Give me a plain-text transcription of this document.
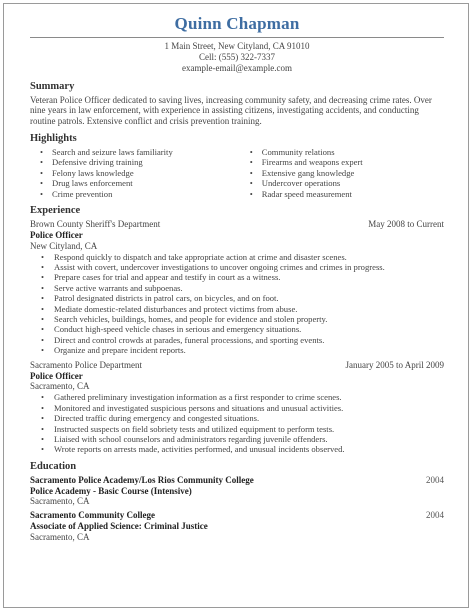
Quinn Chapman
1 Main Street, New Cityland, CA 91010
Cell: (555) 322-7337
example-email@example.com
Summary

Veteran Police Officer dedicated to saving lives, increasing community safety, and decreasing crime rates. Over nine years in law enforcement, with experience in assisting citizens, investigating accidents, and conducting routine patrols. Extensive conflict and crisis prevention training.

Highlights
• Search and seizure laws familiarity
• Defensive driving training
• Felony laws knowledge
• Drug laws enforcement
• Crime prevention
• Community relations
• Firearms and weapons expert
• Extensive gang knowledge
• Undercover operations
• Radar speed measurement
Experience
Brown County Sheriff's Department	May 2008 to Current
Police Officer
New Cityland, CA
• Respond quickly to dispatch and take appropriate action at crime and disaster scenes.
• Assist with covert, undercover investigations to uncover ongoing crimes and crimes in progress.
• Prepare cases for trial and appear and testify in court as a witness.
• Serve active warrants and subpoenas.
• Patrol designated districts in patrol cars, on bicycles, and on foot.
• Mediate domestic-related disturbances and protect victims from abuse.
• Search vehicles, buildings, homes, and people for evidence and stolen property.
• Conduct high-speed vehicle chases in serious and emergency situations.
• Direct and control crowds at parades, funeral processions, and sporting events.
• Organize and prepare incident reports.
Sacramento Police Department	January 2005 to April 2009
Police Officer
Sacramento, CA
• Gathered preliminary investigation information as a first responder to crime scenes.
• Monitored and investigated suspicious persons and situations and unusual activities.
• Directed traffic during emergency and congested situations.
• Instructed suspects on field sobriety tests and utilized equipment to perform tests.
• Liaised with school counselors and administrators regarding juvenile offenders.
• Wrote reports on arrests made, activities performed, and unusual incidents observed.
Education
Sacramento Police Academy/Los Rios Community College	2004
Police Academy - Basic Course (Intensive)
Sacramento, CA
Sacramento Community College	2004
Associate of Applied Science: Criminal Justice
Sacramento, CA
